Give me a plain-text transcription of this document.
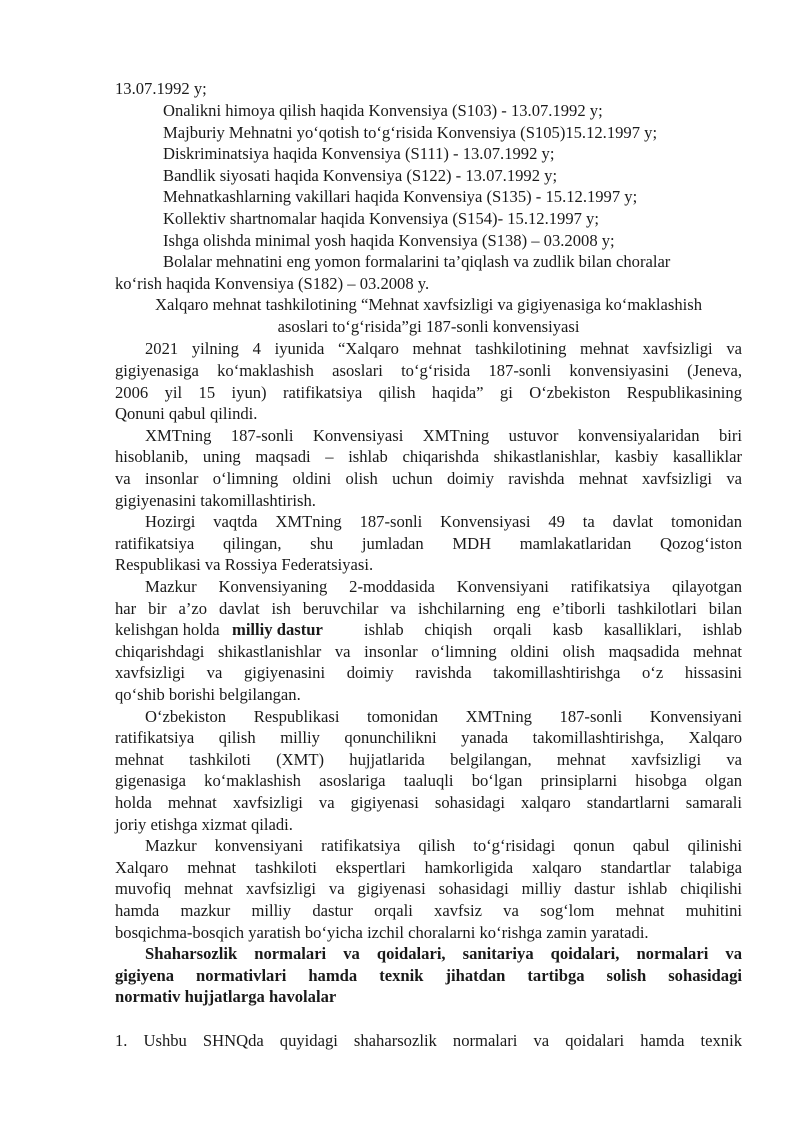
13.07.1992 y;
Onalikni himoya qilish haqida Konvensiya (S103) - 13.07.1992 y;
Majburiy Mehnatni yo‘qotish to‘g‘risida Konvensiya (S105)15.12.1997 y;
Diskriminatsiya haqida Konvensiya (S111) - 13.07.1992 y;
Bandlik siyosati haqida Konvensiya (S122) - 13.07.1992 y;
Mehnatkashlarning vakillari haqida Konvensiya (S135) - 15.12.1997 y;
Kollektiv shartnomalar haqida Konvensiya (S154)- 15.12.1997 y;
Ishga olishda minimal yosh haqida Konvensiya (S138) – 03.2008 y;
Bolalar mehnatini eng yomon formalarini ta’qiqlash va zudlik bilan choralar
ko‘rish haqida Konvensiya (S182) – 03.2008 y.
Xalqaro mehnat tashkilotining “Mehnat xavfsizligi va gigiyenasiga ko‘maklashish
asoslari to‘g‘risida”gi 187-sonli konvensiyasi
2021 yilning 4 iyunida “Xalqaro mehnat tashkilotining mehnat xavfsizligi va
gigiyenasiga ko‘maklashish asoslari to‘g‘risida 187-sonli konvensiyasini (Jeneva,
2006 yil 15 iyun) ratifikatsiya qilish haqida” gi O‘zbekiston Respublikasining
Qonuni qabul qilindi.
XMTning 187-sonli Konvensiyasi XMTning ustuvor konvensiyalaridan biri
hisoblanib, uning maqsadi – ishlab chiqarishda shikastlanishlar, kasbiy kasalliklar
va insonlar o‘limning oldini olish uchun doimiy ravishda mehnat xavfsizligi va
gigiyenasini takomillashtirish.
Hozirgi vaqtda XMTning 187-sonli Konvensiyasi 49 ta davlat tomonidan
ratifikatsiya qilingan, shu jumladan MDH mamlakatlaridan Qozog‘iston
Respublikasi va Rossiya Federatsiyasi.
Mazkur Konvensiyaning 2-moddasida Konvensiyani ratifikatsiya qilayotgan
har bir a’zo davlat ish beruvchilar va ishchilarning eng e’tiborli tashkilotlari bilan
kelishgan holda milliy dastur ishlab chiqish orqali kasb kasalliklari, ishlab
chiqarishdagi shikastlanishlar va insonlar o‘limning oldini olish maqsadida mehnat
xavfsizligi va gigiyenasini doimiy ravishda takomillashtirishga o‘z hissasini
qo‘shib borishi belgilangan.
O‘zbekiston Respublikasi tomonidan XMTning 187-sonli Konvensiyani
ratifikatsiya qilish milliy qonunchilikni yanada takomillashtirishga, Xalqaro
mehnat tashkiloti (XMT) hujjatlarida belgilangan, mehnat xavfsizligi va
gigenasiga ko‘maklashish asoslariga taaluqli bo‘lgan prinsiplarni hisobga olgan
holda mehnat xavfsizligi va gigiyenasi sohasidagi xalqaro standartlarni samarali
joriy etishga xizmat qiladi.
Mazkur konvensiyani ratifikatsiya qilish to‘g‘risidagi qonun qabul qilinishi
Xalqaro mehnat tashkiloti ekspertlari hamkorligida xalqaro standartlar talabiga
muvofiq mehnat xavfsizligi va gigiyenasi sohasidagi milliy dastur ishlab chiqilishi
hamda mazkur milliy dastur orqali xavfsiz va sog‘lom mehnat muhitini
bosqichma-bosqich yaratish bo‘yicha izchil choralarni ko‘rishga zamin yaratadi.
Shaharsozlik normalari va qoidalari, sanitariya qoidalari, normalari va
gigiyena normativlari hamda texnik jihatdan tartibga solish sohasidagi
normativ hujjatlarga havolalar
1. Ushbu SHNQda quyidagi shaharsozlik normalari va qoidalari hamda texnik
